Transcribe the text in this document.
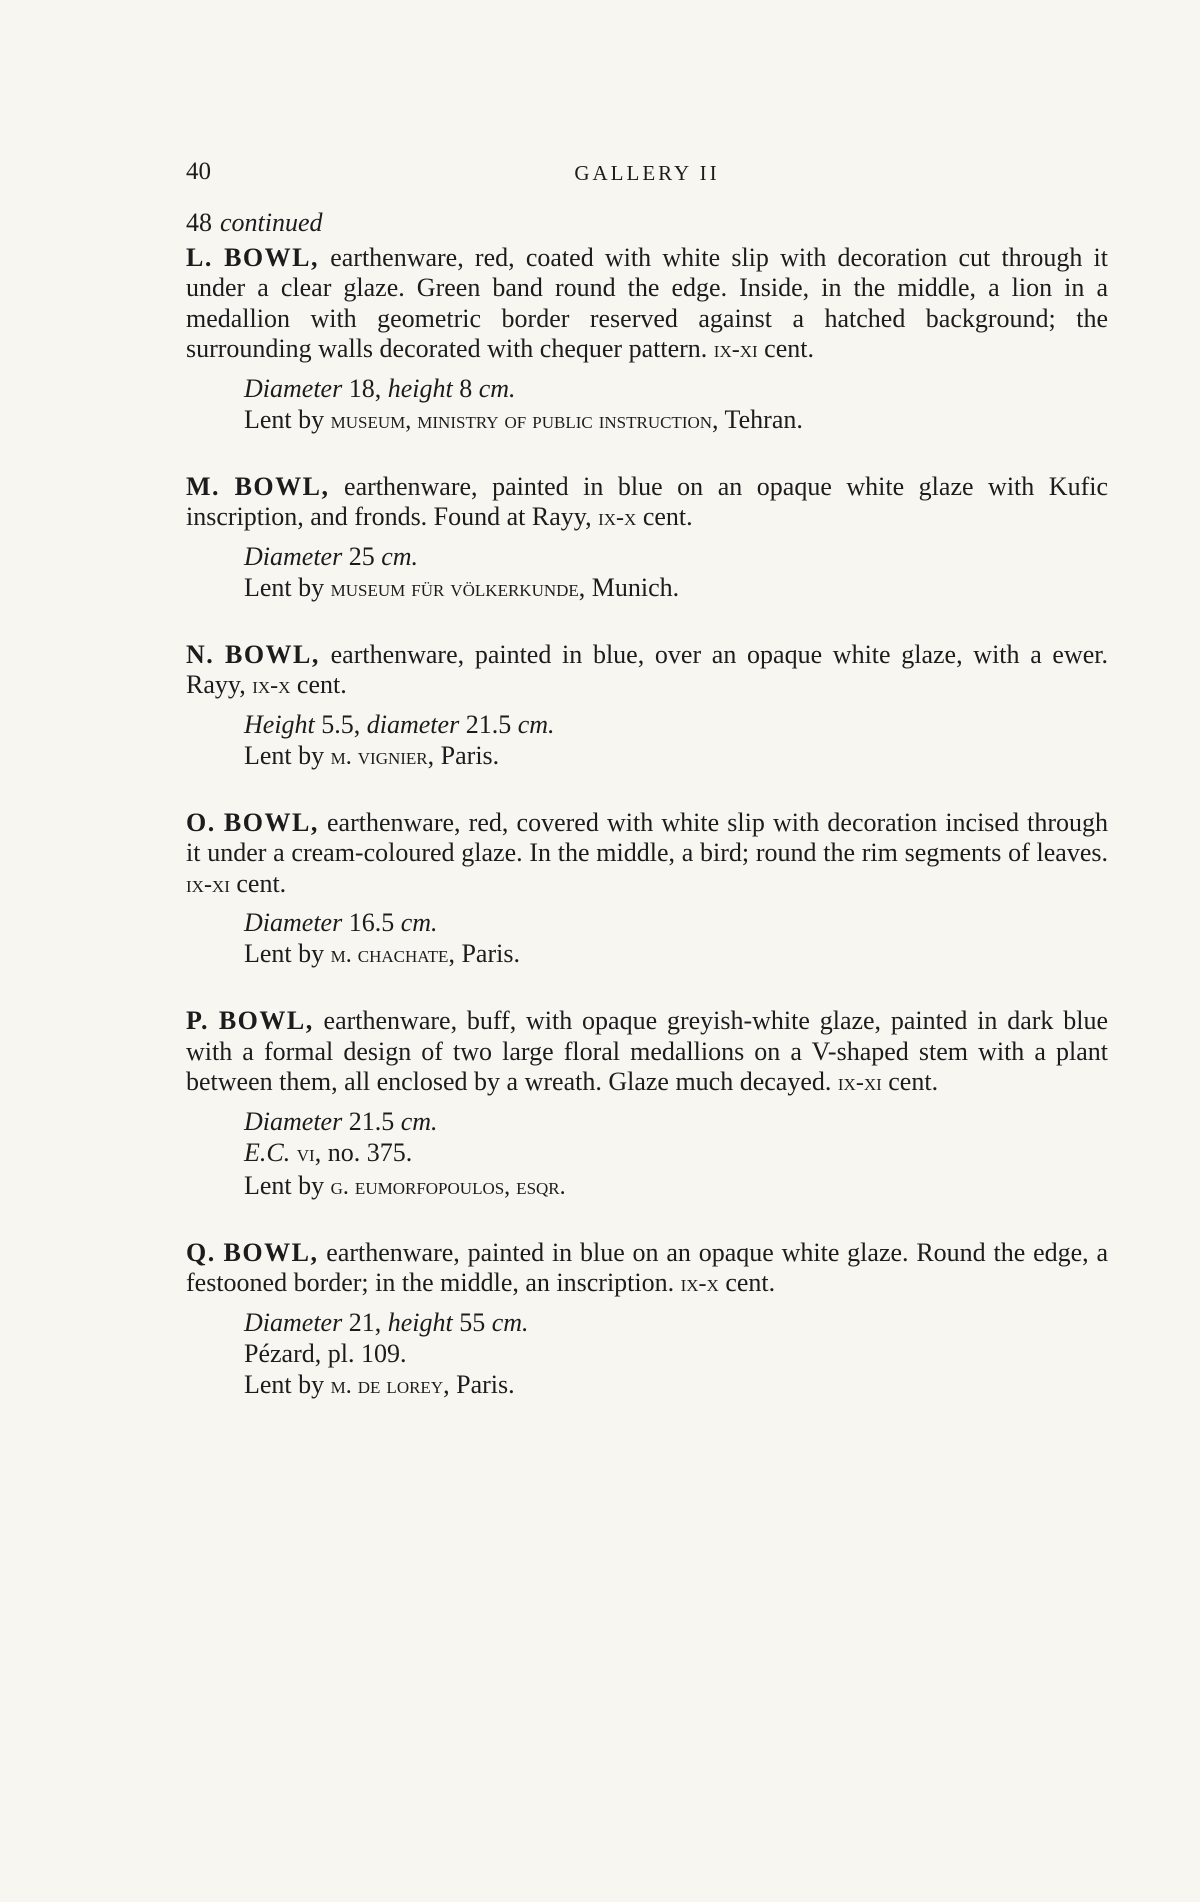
40	GALLERY II
48 continued
L. BOWL, earthenware, red, coated with white slip with decoration cut through it under a clear glaze. Green band round the edge. Inside, in the middle, a lion in a medallion with geometric border reserved against a hatched background; the surrounding walls decorated with chequer pattern. ix-xi cent.
Diameter 18, height 8 cm.
Lent by museum, ministry of public instruction, Tehran.
M. BOWL, earthenware, painted in blue on an opaque white glaze with Kufic inscription, and fronds. Found at Rayy, ix-x cent.
Diameter 25 cm.
Lent by museum für völkerkunde, Munich.
N. BOWL, earthenware, painted in blue, over an opaque white glaze, with a ewer. Rayy, ix-x cent.
Height 5.5, diameter 21.5 cm.
Lent by m. vignier, Paris.
O. BOWL, earthenware, red, covered with white slip with decoration incised through it under a cream-coloured glaze. In the middle, a bird; round the rim segments of leaves. ix-xi cent.
Diameter 16.5 cm.
Lent by m. chachate, Paris.
P. BOWL, earthenware, buff, with opaque greyish-white glaze, painted in dark blue with a formal design of two large floral medallions on a V-shaped stem with a plant between them, all enclosed by a wreath. Glaze much decayed. ix-xi cent.
Diameter 21.5 cm.
E.C. vi, no. 375.
Lent by g. eumorfopoulos, esqr.
Q. BOWL, earthenware, painted in blue on an opaque white glaze. Round the edge, a festooned border; in the middle, an inscription. ix-x cent.
Diameter 21, height 55 cm.
Pézard, pl. 109.
Lent by m. de lorey, Paris.
